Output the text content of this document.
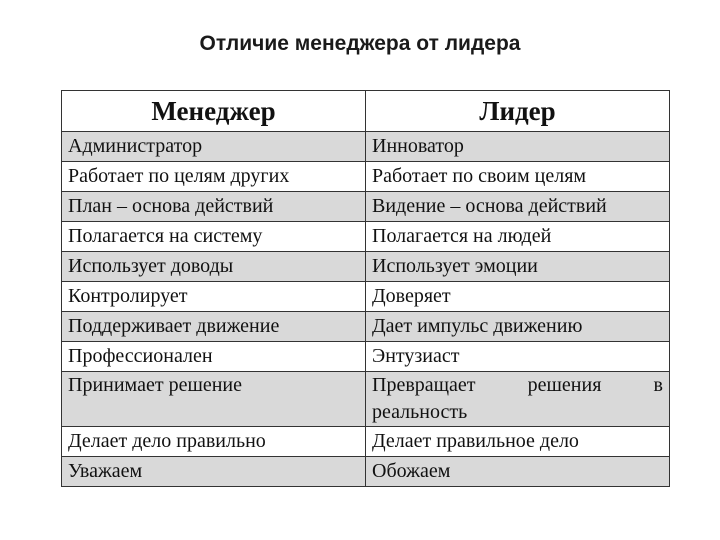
Отличие менеджера от лидера
Менеджер	Лидер
Администратор	Инноватор
Работает по целям других	Работает по своим целям
План – основа действий	Видение – основа действий
Полагается на систему	Полагается на людей
Использует доводы	Использует эмоции
Контролирует	Доверяет
Поддерживает движение	Дает импульс движению
Профессионален	Энтузиаст
Принимает решение	Превращает решения в
реальность

Делает дело правильно	Делает правильное дело
Уважаем	Обожаем
